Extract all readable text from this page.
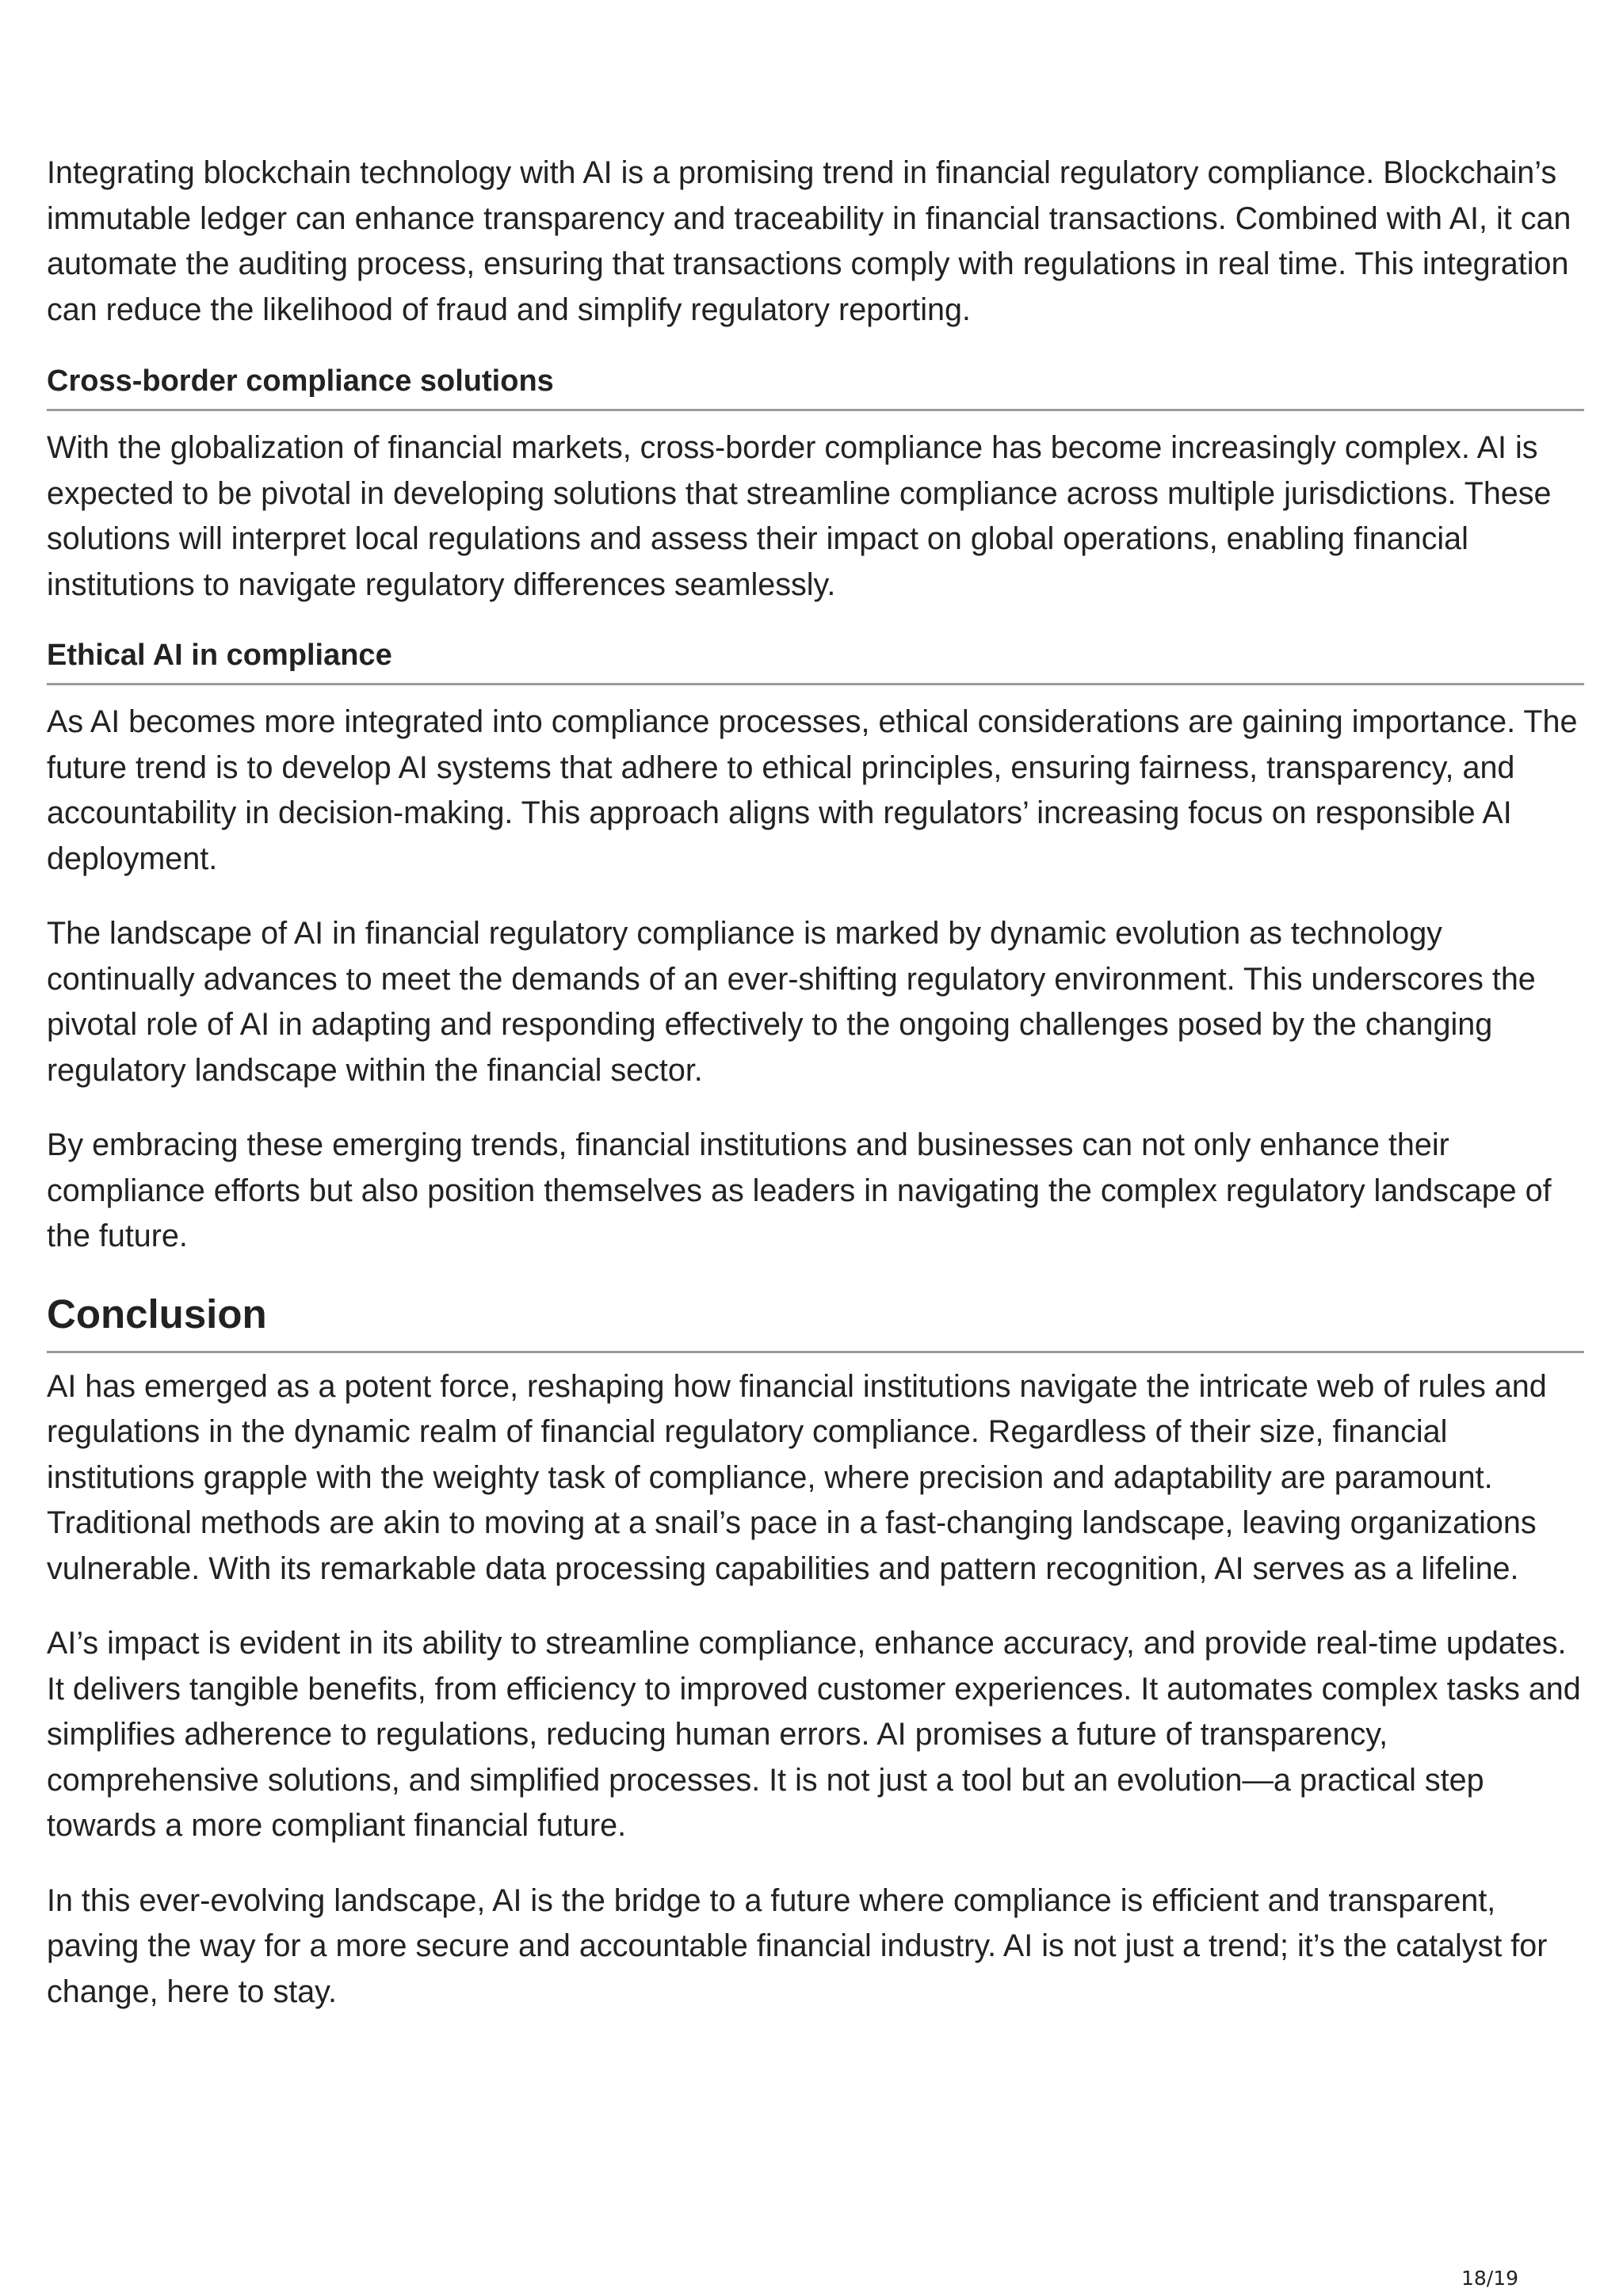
Integrating blockchain technology with AI is a promising trend in financial regulatory compliance. Blockchain’s immutable ledger can enhance transparency and traceability in financial transactions. Combined with AI, it can automate the auditing process, ensuring that transactions comply with regulations in real time. This integration can reduce the likelihood of fraud and simplify regulatory reporting.

Cross-border compliance solutions

With the globalization of financial markets, cross-border compliance has become increasingly complex. AI is expected to be pivotal in developing solutions that streamline compliance across multiple jurisdictions. These solutions will interpret local regulations and assess their impact on global operations, enabling financial institutions to navigate regulatory differences seamlessly.

Ethical AI in compliance

As AI becomes more integrated into compliance processes, ethical considerations are gaining importance. The future trend is to develop AI systems that adhere to ethical principles, ensuring fairness, transparency, and accountability in decision-making. This approach aligns with regulators’ increasing focus on responsible AI deployment.

The landscape of AI in financial regulatory compliance is marked by dynamic evolution as technology continually advances to meet the demands of an ever-shifting regulatory environment. This underscores the pivotal role of AI in adapting and responding effectively to the ongoing challenges posed by the changing regulatory landscape within the financial sector.

By embracing these emerging trends, financial institutions and businesses can not only enhance their compliance efforts but also position themselves as leaders in navigating the complex regulatory landscape of the future.

Conclusion

AI has emerged as a potent force, reshaping how financial institutions navigate the intricate web of rules and regulations in the dynamic realm of financial regulatory compliance. Regardless of their size, financial institutions grapple with the weighty task of compliance, where precision and adaptability are paramount. Traditional methods are akin to moving at a snail’s pace in a fast-changing landscape, leaving organizations vulnerable. With its remarkable data processing capabilities and pattern recognition, AI serves as a lifeline.

AI’s impact is evident in its ability to streamline compliance, enhance accuracy, and provide real-time updates. It delivers tangible benefits, from efficiency to improved customer experiences. It automates complex tasks and simplifies adherence to regulations, reducing human errors. AI promises a future of transparency, comprehensive solutions, and simplified processes. It is not just a tool but an evolution—a practical step towards a more compliant financial future.

In this ever-evolving landscape, AI is the bridge to a future where compliance is efficient and transparent, paving the way for a more secure and accountable financial industry. AI is not just a trend; it’s the catalyst for change, here to stay.

18/19
